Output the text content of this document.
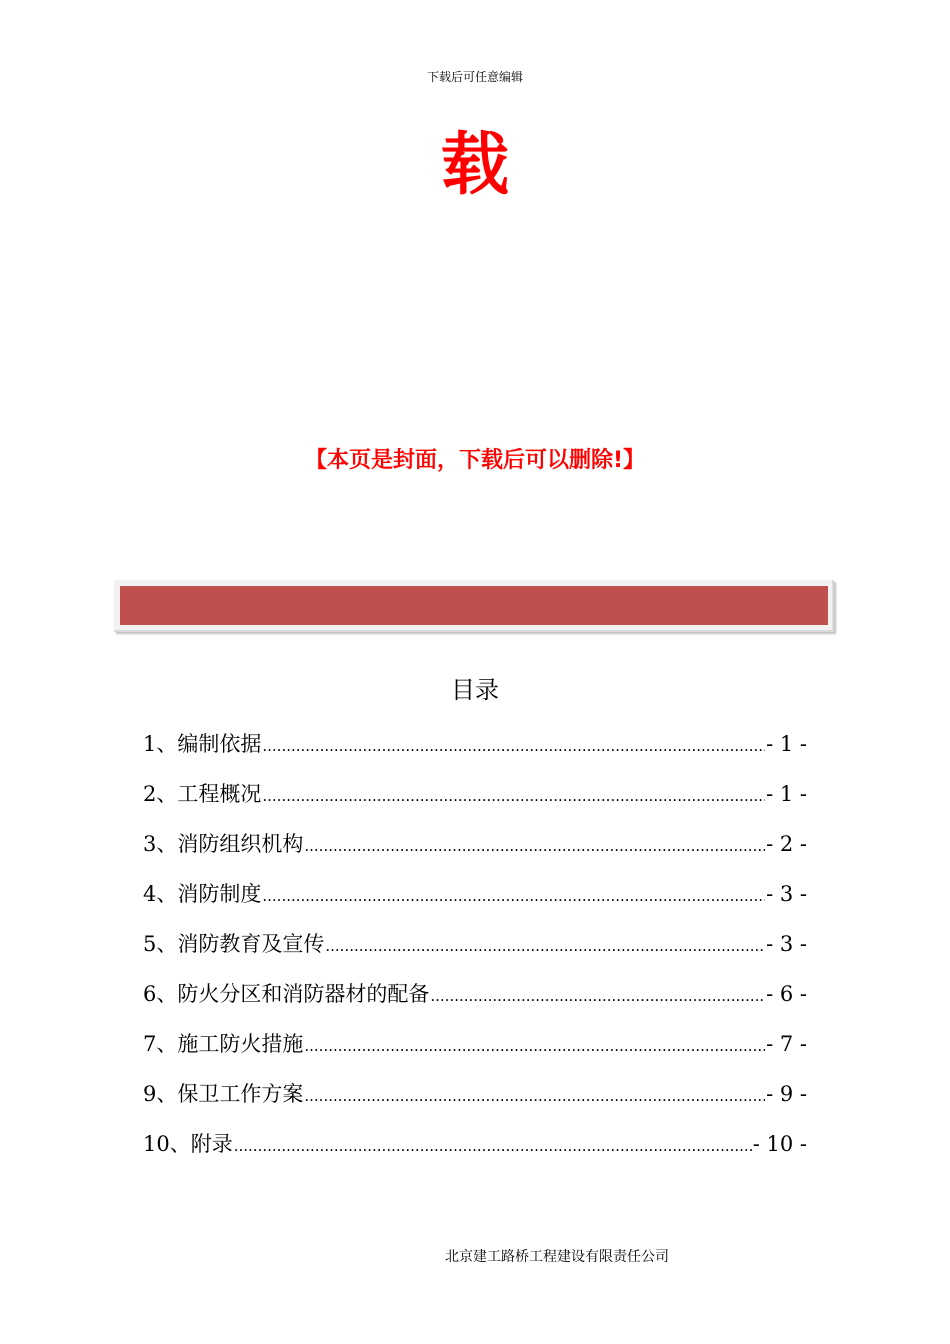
下载后可任意编辑
载
【本页是封面，下载后可以删除!】
目录
1、 编制依据 .....	- 1 -
2、 工程概况 .....	- 1 -
3、 消防组织机构 .....	- 2 -
4、 消防制度 .....	- 3 -
5、 消防教育及宣传 .....	- 3 -
6、 防火分区和消防器材的配备 .....	- 6 -
7、 施工防火措施 .....	- 7 -
9、 保卫工作方案 .....	- 9 -
10、 附录 .....	- 10 -
北京建工路桥工程建设有限责任公司
